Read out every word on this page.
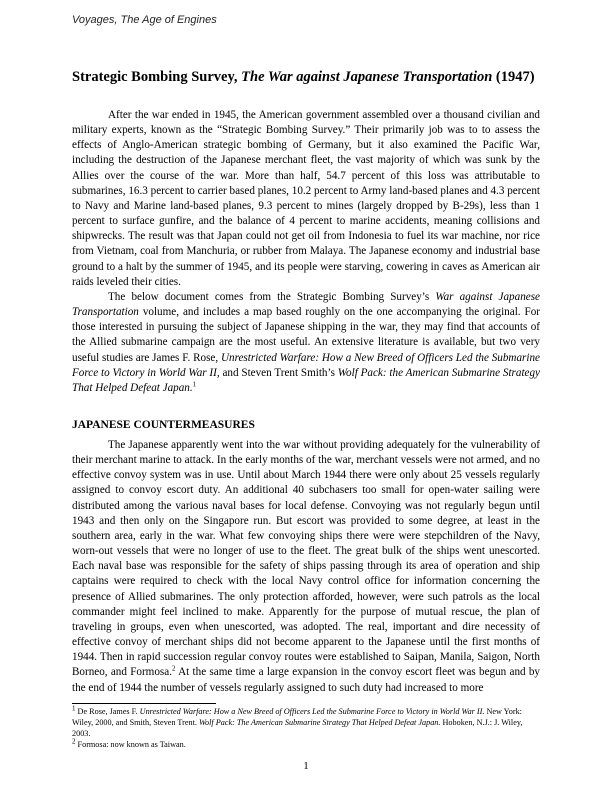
Voyages, The Age of Engines
Strategic Bombing Survey, The War against Japanese Transportation (1947)

After the war ended in 1945, the American government assembled over a thousand civilian and military experts, known as the “Strategic Bombing Survey.” Their primarily job was to to assess the effects of Anglo-American strategic bombing of Germany, but it also examined the Pacific War, including the destruction of the Japanese merchant fleet, the vast majority of which was sunk by the Allies over the course of the war. More than half, 54.7 percent of this loss was attributable to submarines, 16.3 percent to carrier based planes, 10.2 percent to Army land-based planes and 4.3 percent to Navy and Marine land-based planes, 9.3 percent to mines (largely dropped by B-29s), less than 1 percent to surface gunfire, and the balance of 4 percent to marine accidents, meaning collisions and shipwrecks. The result was that Japan could not get oil from Indonesia to fuel its war machine, nor rice from Vietnam, coal from Manchuria, or rubber from Malaya. The Japanese economy and industrial base ground to a halt by the summer of 1945, and its people were starving, cowering in caves as American air raids leveled their cities.

The below document comes from the Strategic Bombing Survey’s War against Japanese Transportation volume, and includes a map based roughly on the one accompanying the original. For those interested in pursuing the subject of Japanese shipping in the war, they may find that accounts of the Allied submarine campaign are the most useful. An extensive literature is available, but two very useful studies are James F. Rose, Unrestricted Warfare: How a New Breed of Officers Led the Submarine Force to Victory in World War II, and Steven Trent Smith’s Wolf Pack: the American Submarine Strategy That Helped Defeat Japan.$^1$

JAPANESE COUNTERMEASURES

The Japanese apparently went into the war without providing adequately for the vulnerability of their merchant marine to attack. In the early months of the war, merchant vessels were not armed, and no effective convoy system was in use. Until about March 1944 there were only about 25 vessels regularly assigned to convoy escort duty. An additional 40 subchasers too small for open-water sailing were distributed among the various naval bases for local defense. Convoying was not regularly begun until 1943 and then only on the Singapore run. But escort was provided to some degree, at least in the southern area, early in the war. What few convoying ships there were were stepchildren of the Navy, worn-out vessels that were no longer of use to the fleet. The great bulk of the ships went unescorted. Each naval base was responsible for the safety of ships passing through its area of operation and ship captains were required to check with the local Navy control office for information concerning the presence of Allied submarines. The only protection afforded, however, were such patrols as the local commander might feel inclined to make. Apparently for the purpose of mutual rescue, the plan of traveling in groups, even when unescorted, was adopted. The real, important and dire necessity of effective convoy of merchant ships did not become apparent to the Japanese until the first months of 1944. Then in rapid succession regular convoy routes were established to Saipan, Manila, Saigon, North Borneo, and Formosa.$^2$ At the same time a large expansion in the convoy escort fleet was begun and by the end of 1944 the number of vessels regularly assigned to such duty had increased to more

$^1$ De Rose, James F. Unrestricted Warfare: How a New Breed of Officers Led the Submarine Force to Victory in World War II. New York: Wiley, 2000, and Smith, Steven Trent. Wolf Pack: The American Submarine Strategy That Helped Defeat Japan. Hoboken, N.J.: J. Wiley, 2003.

$^2$ Formosa: now known as Taiwan.

1
